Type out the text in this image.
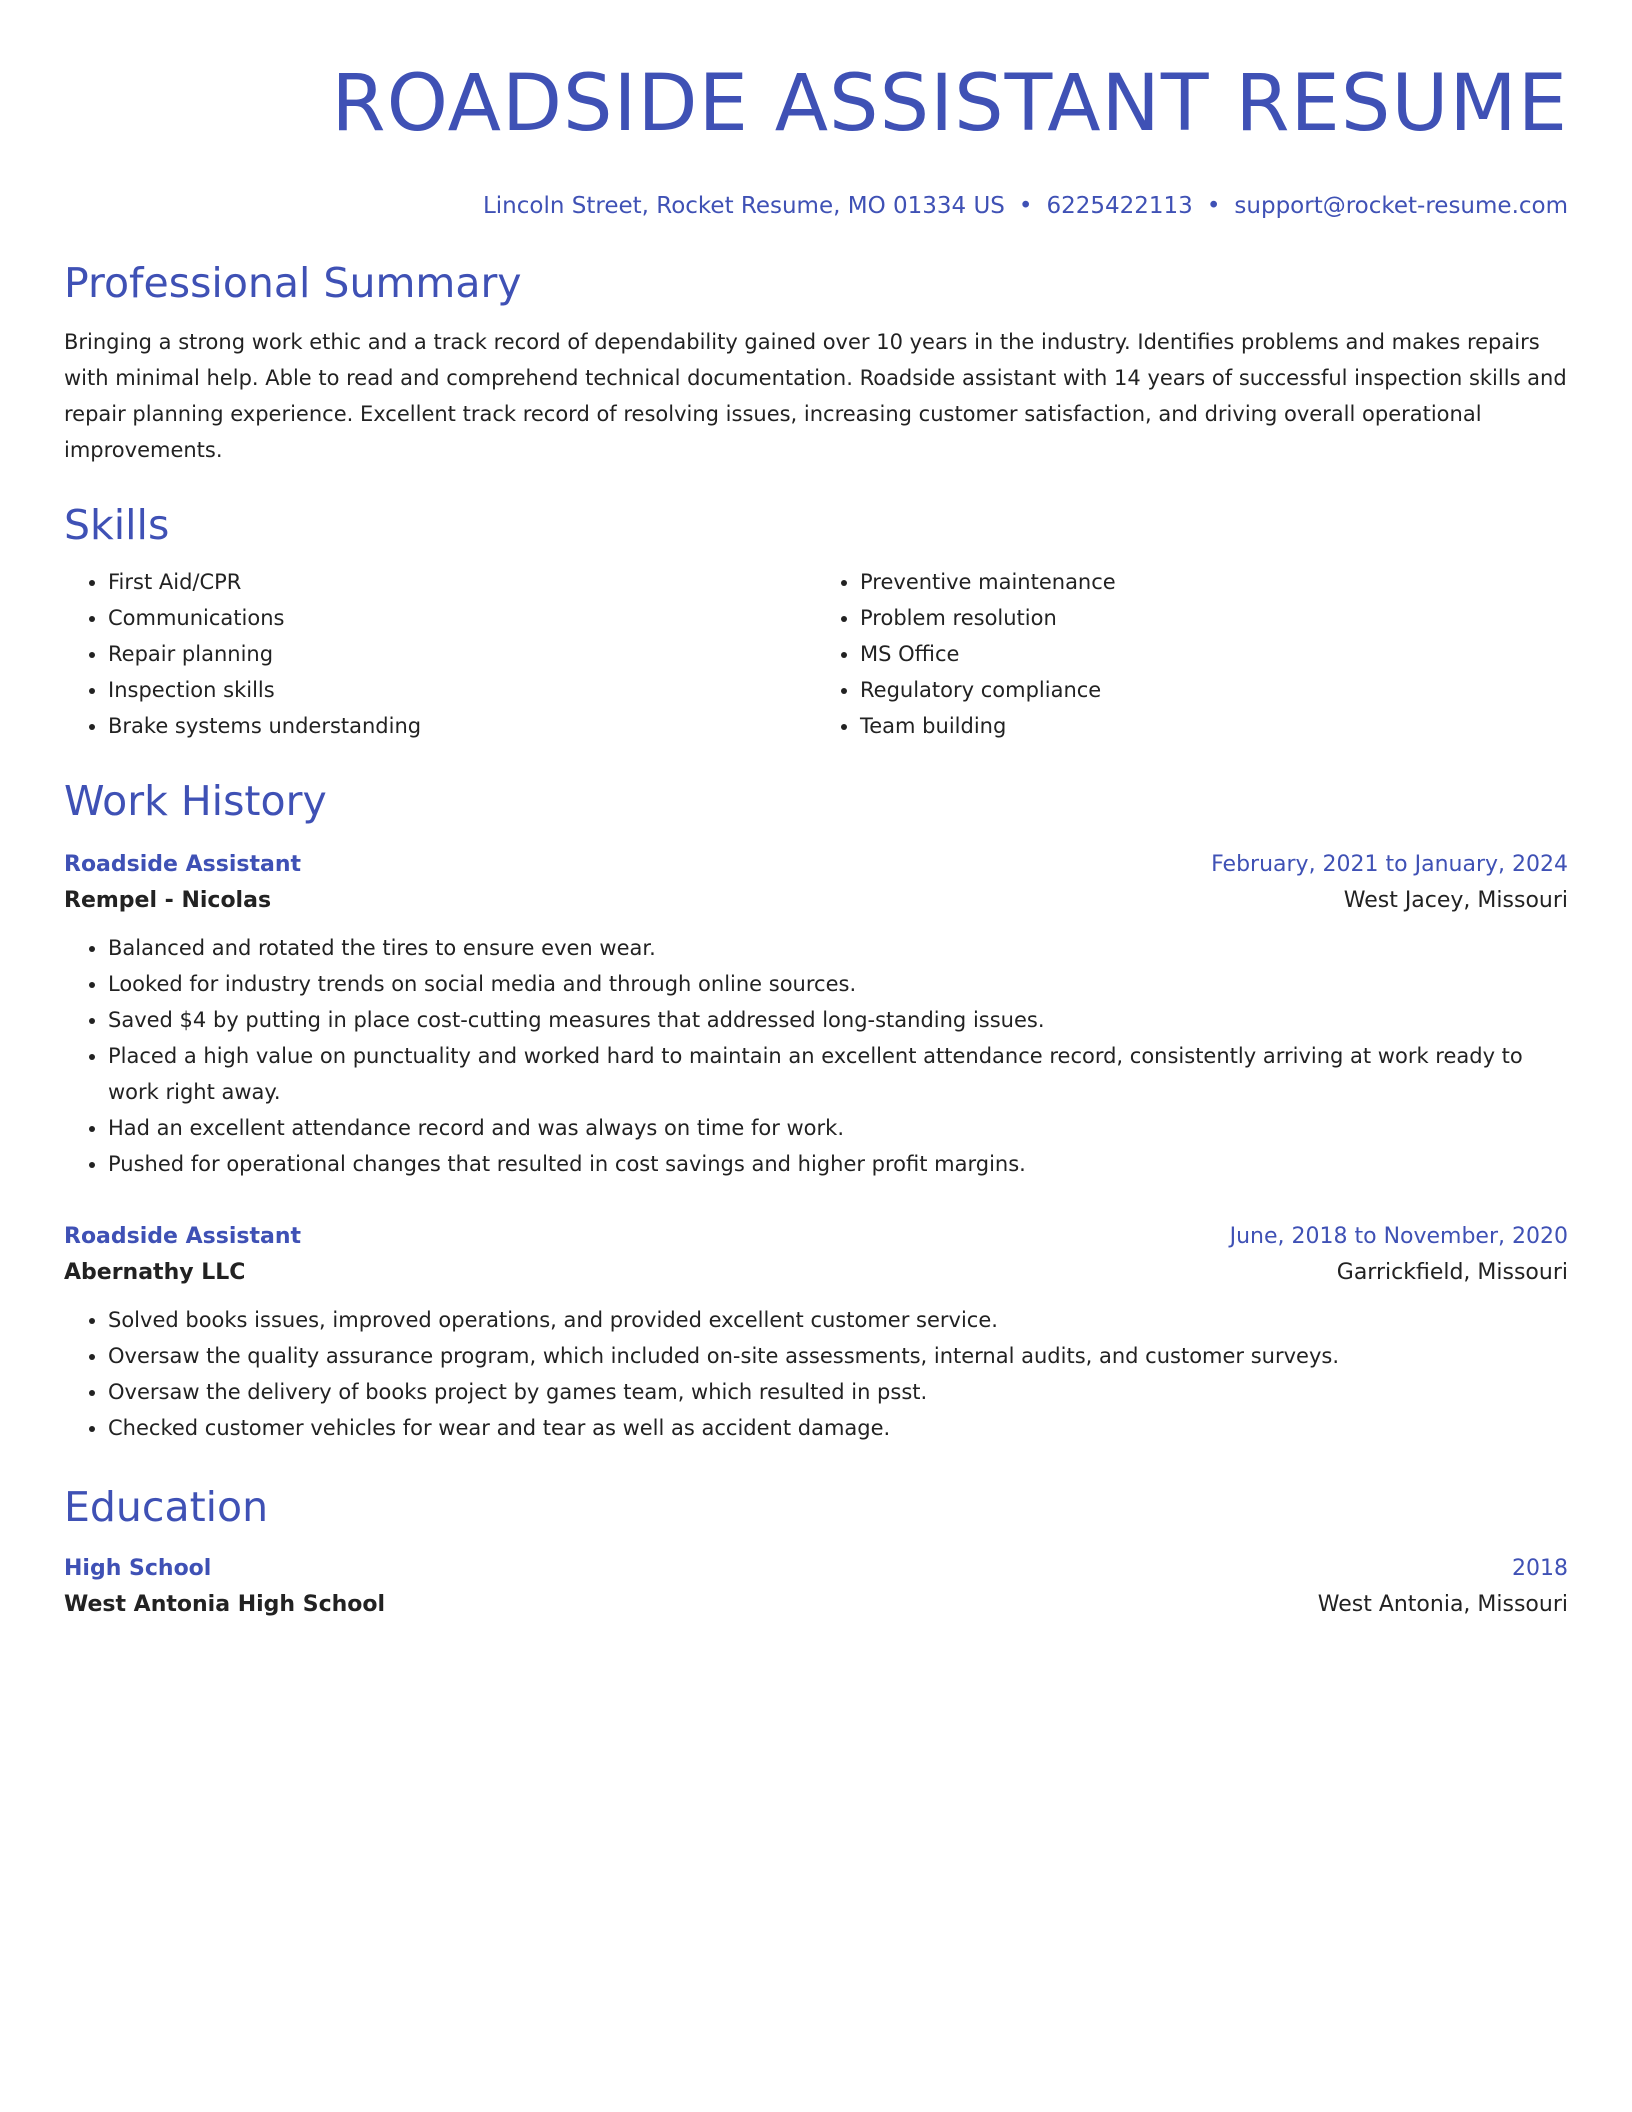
ROADSIDE ASSISTANT RESUME
Lincoln Street, Rocket Resume, MO 01334 US • 6225422113 • support@rocket-resume.com
Professional Summary
Bringing a strong work ethic and a track record of dependability gained over 10 years in the industry. Identifies problems and makes repairs with minimal help. Able to read and comprehend technical documentation. Roadside assistant with 14 years of successful inspection skills and repair planning experience. Excellent track record of resolving issues, increasing customer satisfaction, and driving overall operational improvements.
Skills
• First Aid/CPR
• Communications
• Repair planning
• Inspection skills
• Brake systems understanding
• Preventive maintenance
• Problem resolution
• MS Office
• Regulatory compliance
• Team building
Work History
Roadside Assistant	February, 2021 to January, 2024
Rempel - Nicolas	West Jacey, Missouri
• Balanced and rotated the tires to ensure even wear.
• Looked for industry trends on social media and through online sources.
• Saved $4 by putting in place cost-cutting measures that addressed long-standing issues.
• Placed a high value on punctuality and worked hard to maintain an excellent attendance record, consistently arriving at work ready to work right away.
• Had an excellent attendance record and was always on time for work.
• Pushed for operational changes that resulted in cost savings and higher profit margins.
Roadside Assistant	June, 2018 to November, 2020
Abernathy LLC	Garrickfield, Missouri
• Solved books issues, improved operations, and provided excellent customer service.
• Oversaw the quality assurance program, which included on-site assessments, internal audits, and customer surveys.
• Oversaw the delivery of books project by games team, which resulted in psst.
• Checked customer vehicles for wear and tear as well as accident damage.
Education
High School	2018
West Antonia High School	West Antonia, Missouri
